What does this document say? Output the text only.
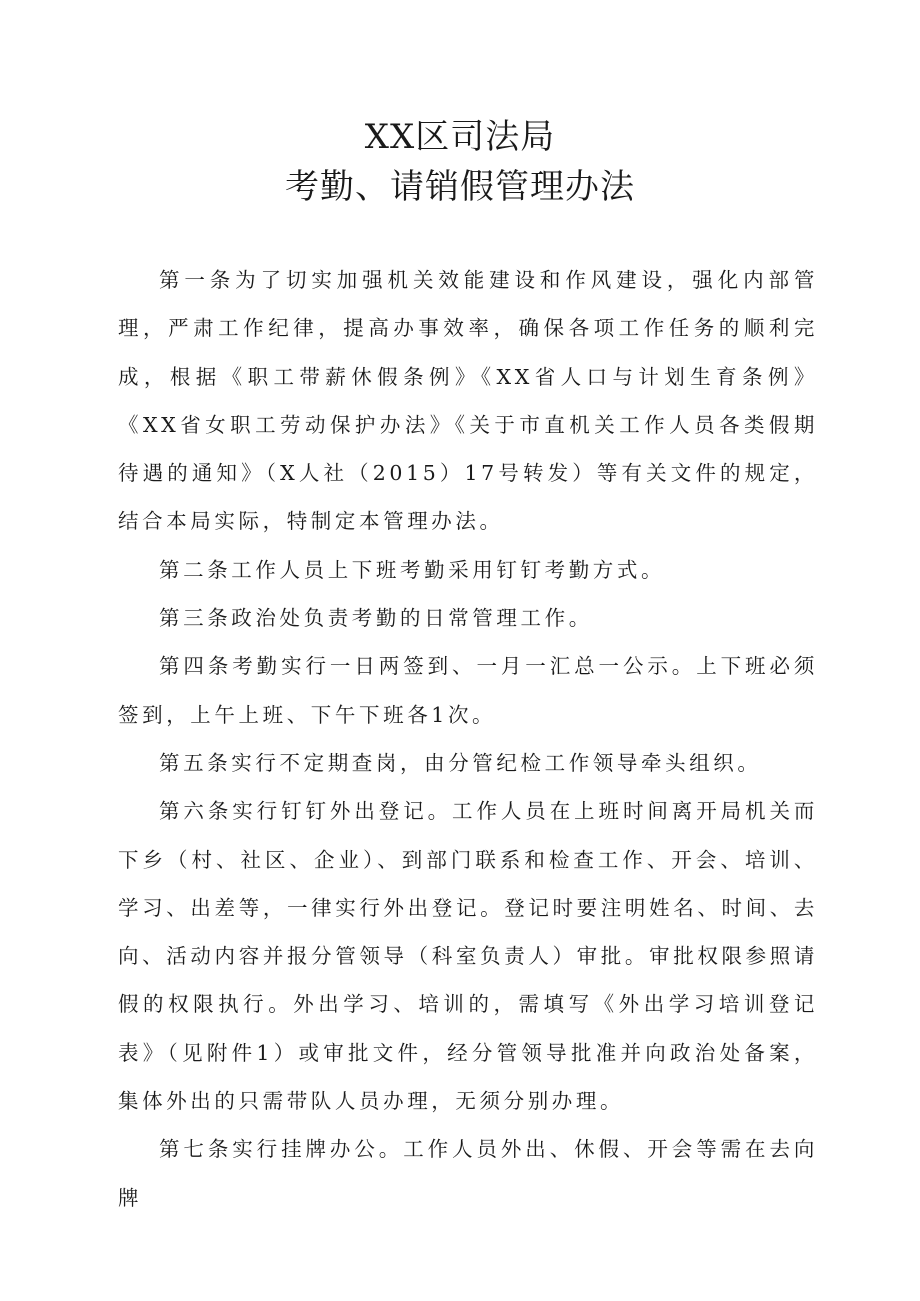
XX区司法局
考勤、请销假管理办法

第一条为了切实加强机关效能建设和作风建设，强化内部管理，严肃工作纪律，提高办事效率，确保各项工作任务的顺利完成，根据《职工带薪休假条例》《XX省人口与计划生育条例》《XX省女职工劳动保护办法》《关于市直机关工作人员各类假期待遇的通知》（X人社（2015）17号转发）等有关文件的规定，结合本局实际，特制定本管理办法。

第二条工作人员上下班考勤采用钉钉考勤方式。

第三条政治处负责考勤的日常管理工作。

第四条考勤实行一日两签到、一月一汇总一公示。上下班必须签到，上午上班、下午下班各1次。

第五条实行不定期查岗，由分管纪检工作领导牵头组织。

第六条实行钉钉外出登记。工作人员在上班时间离开局机关而下乡（村、社区、企业）、到部门联系和检查工作、开会、培训、学习、出差等，一律实行外出登记。登记时要注明姓名、时间、去向、活动内容并报分管领导（科室负责人）审批。审批权限参照请假的权限执行。外出学习、培训的，需填写《外出学习培训登记表》（见附件1）或审批文件，经分管领导批准并向政治处备案，集体外出的只需带队人员办理，无须分别办理。

第七条实行挂牌办公。工作人员外出、休假、开会等需在去向牌
